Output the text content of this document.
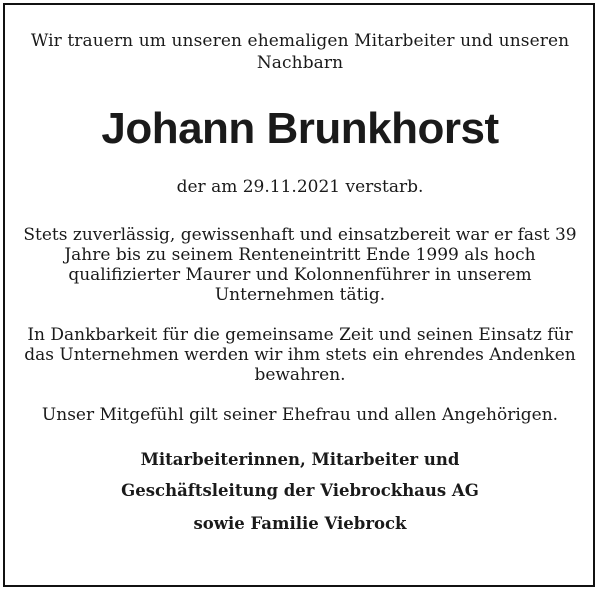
Wir trauern um unseren ehemaligen Mitarbeiter und unseren Nachbarn

Johann Brunkhorst

der am 29.11.2021 verstarb.

Stets zuverlässig, gewissenhaft und einsatzbereit war er fast 39 Jahre bis zu seinem Renteneintritt Ende 1999 als hoch qualifizierter Maurer und Kolonnenführer in unserem Unternehmen tätig.

In Dankbarkeit für die gemeinsame Zeit und seinen Einsatz für das Unternehmen werden wir ihm stets ein ehrendes Andenken bewahren.

Unser Mitgefühl gilt seiner Ehefrau und allen Angehörigen.

Mitarbeiterinnen, Mitarbeiter und

Geschäftsleitung der Viebrockhaus AG

sowie Familie Viebrock
